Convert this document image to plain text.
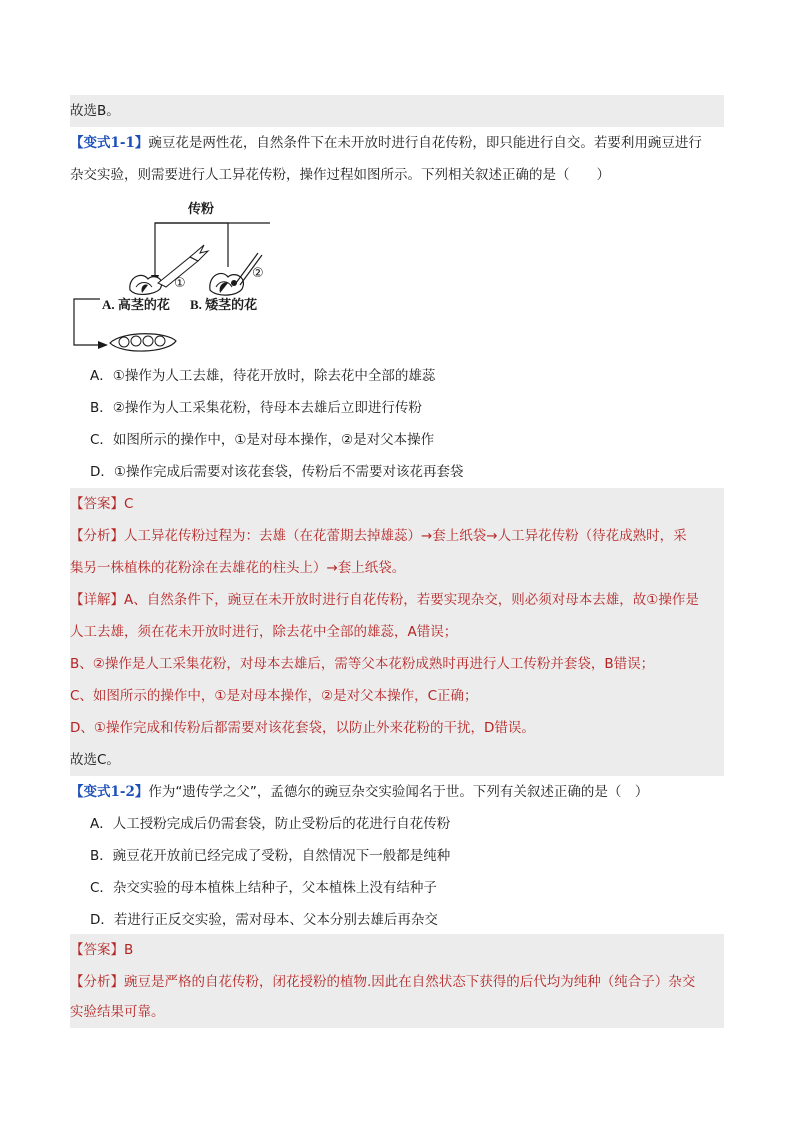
故选B。
【变式1-1】豌豆花是两性花，自然条件下在未开放时进行自花传粉，即只能进行自交。若要利用豌豆进行
杂交实验，则需要进行人工异花传粉，操作过程如图所示。下列相关叙述正确的是（　　）
传粉
①
②
A. 高茎的花 B. 矮茎的花
A．①操作为人工去雄，待花开放时，除去花中全部的雄蕊
B．②操作为人工采集花粉，待母本去雄后立即进行传粉
C．如图所示的操作中，①是对母本操作，②是对父本操作
D．①操作完成后需要对该花套袋，传粉后不需要对该花再套袋
【答案】C
【分析】人工异花传粉过程为：去雄（在花蕾期去掉雄蕊）→套上纸袋→人工异花传粉（待花成熟时，采
集另一株植株的花粉涂在去雄花的柱头上）→套上纸袋。
【详解】A、自然条件下，豌豆在未开放时进行自花传粉，若要实现杂交，则必须对母本去雄，故①操作是
人工去雄，须在花未开放时进行，除去花中全部的雄蕊，A错误；
B、②操作是人工采集花粉，对母本去雄后，需等父本花粉成熟时再进行人工传粉并套袋，B错误；
C、如图所示的操作中，①是对母本操作，②是对父本操作，C正确；
D、①操作完成和传粉后都需要对该花套袋，以防止外来花粉的干扰，D错误。
故选C。
【变式1-2】作为“遗传学之父”，孟德尔的豌豆杂交实验闻名于世。下列有关叙述正确的是（　）
A．人工授粉完成后仍需套袋，防止受粉后的花进行自花传粉
B．豌豆花开放前已经完成了受粉，自然情况下一般都是纯种
C．杂交实验的母本植株上结种子，父本植株上没有结种子
D．若进行正反交实验，需对母本、父本分别去雄后再杂交
【答案】B
【分析】豌豆是严格的自花传粉，闭花授粉的植物.因此在自然状态下获得的后代均为纯种（纯合子）杂交
实验结果可靠。
